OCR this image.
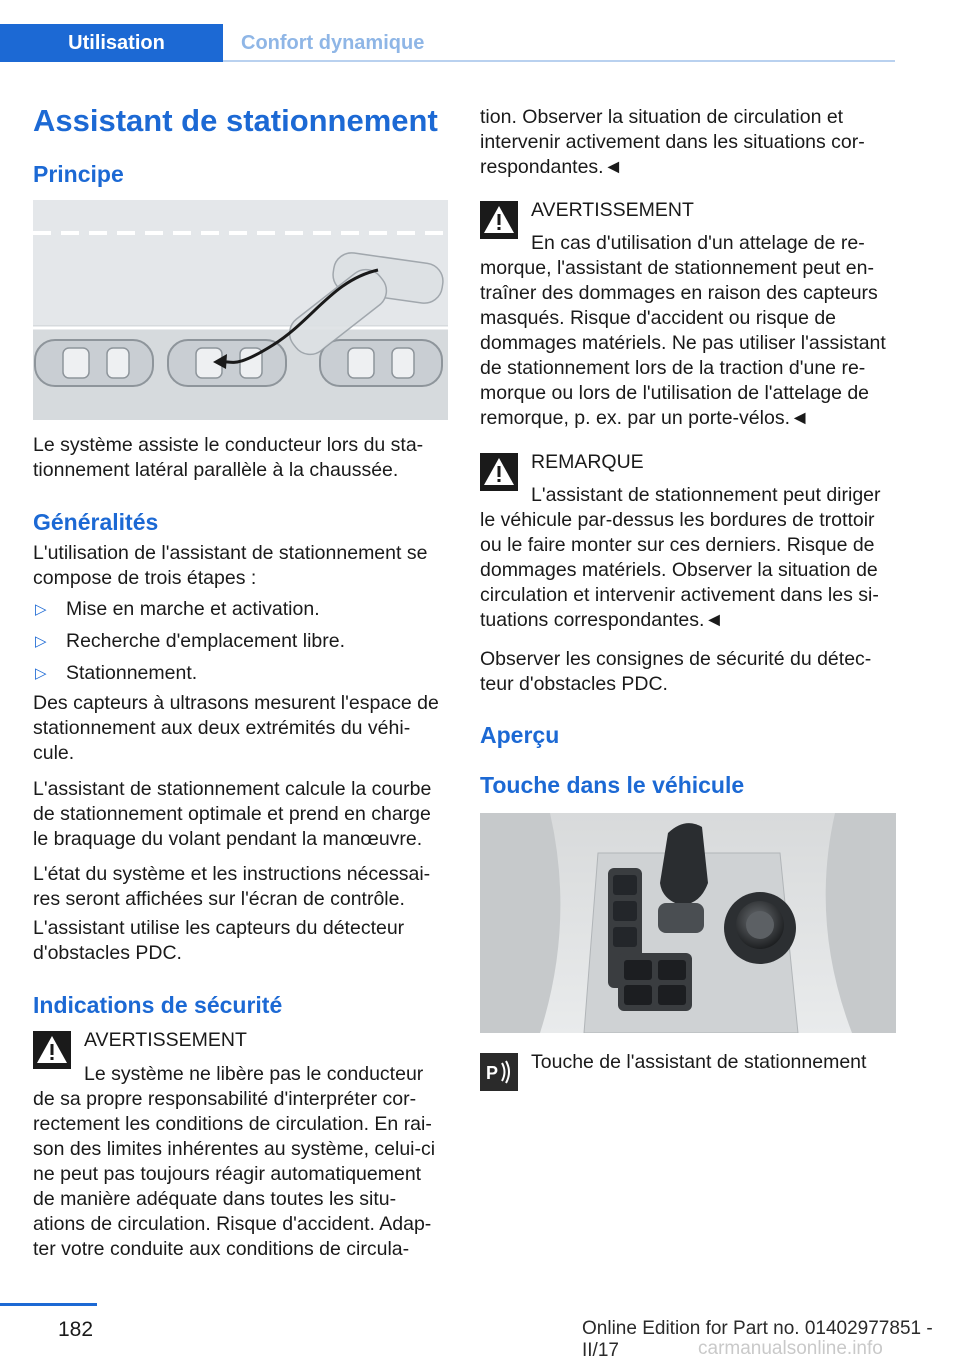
Utilisation	Confort dynamique
Assistant de stationnement
Principe

Le système assiste le conducteur lors du sta-
tionnement latéral parallèle à la chaussée.

Généralités

L'utilisation de l'assistant de stationnement se
compose de trois étapes :

▷ Mise en marche et activation.
▷ Recherche d'emplacement libre.
▷ Stationnement.

Des capteurs à ultrasons mesurent l'espace de
stationnement aux deux extrémités du véhi-
cule.

L'assistant de stationnement calcule la courbe
de stationnement optimale et prend en charge
le braquage du volant pendant la manœuvre.

L'état du système et les instructions nécessai-
res seront affichées sur l'écran de contrôle.

L'assistant utilise les capteurs du détecteur
d'obstacles PDC.

Indications de sécurité
AVERTISSEMENT

Le système ne libère pas le conducteur
de sa propre responsabilité d'interpréter cor-
rectement les conditions de circulation. En rai-
son des limites inhérentes au système, celui-ci
ne peut pas toujours réagir automatiquement
de manière adéquate dans toutes les situ-
ations de circulation. Risque d'accident. Adap-
ter votre conduite aux conditions de circula-

tion. Observer la situation de circulation et
intervenir activement dans les situations cor-
respondantes.◄

AVERTISSEMENT

En cas d'utilisation d'un attelage de re-
morque, l'assistant de stationnement peut en-
traîner des dommages en raison des capteurs
masqués. Risque d'accident ou risque de
dommages matériels. Ne pas utiliser l'assistant
de stationnement lors de la traction d'une re-
morque ou lors de l'utilisation de l'attelage de
remorque, p. ex. par un porte-vélos.◄

REMARQUE

L'assistant de stationnement peut diriger
le véhicule par-dessus les bordures de trottoir
ou le faire monter sur ces derniers. Risque de
dommages matériels. Observer la situation de
circulation et intervenir activement dans les si-
tuations correspondantes.◄

Observer les consignes de sécurité du détec-
teur d'obstacles PDC.

Aperçu
Touche dans le véhicule
P Touche de l'assistant de stationnement
182	Online Edition for Part no. 01402977851 - II/17	carmanualsonline.info
